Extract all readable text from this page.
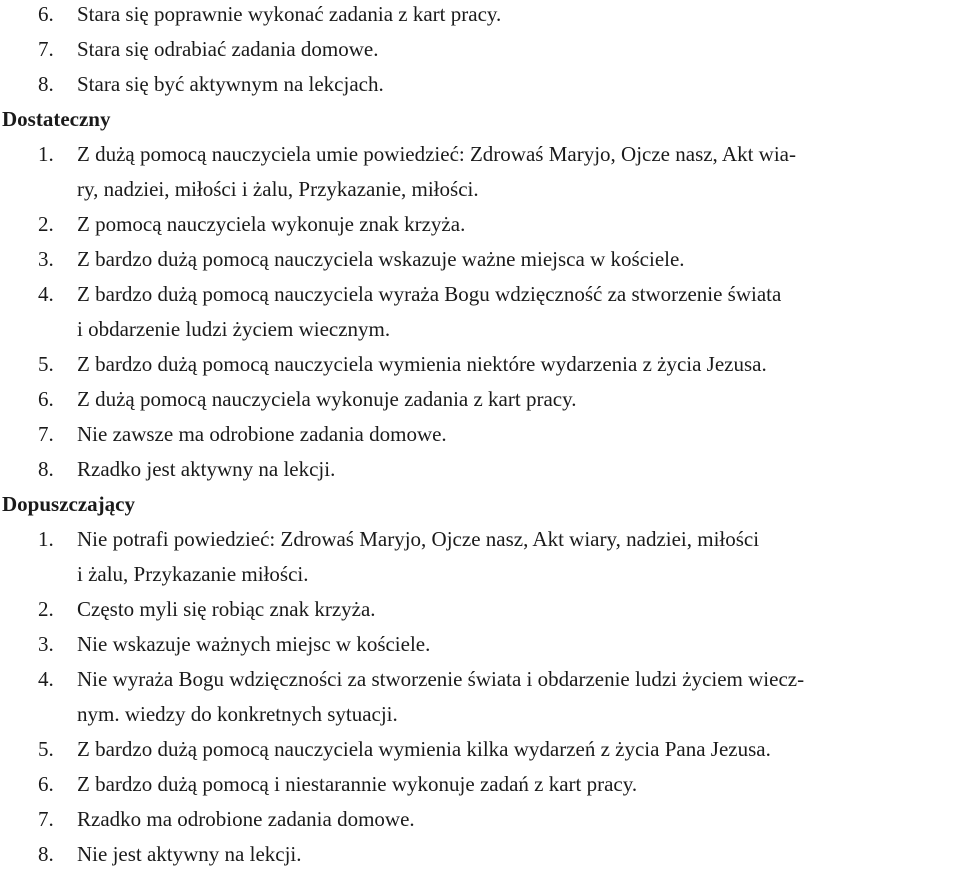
6. Stara się poprawnie wykonać zadania z kart pracy.
7. Stara się odrabiać zadania domowe.
8. Stara się być aktywnym na lekcjach.
Dostateczny
1. Z dużą pomocą nauczyciela umie powiedzieć: Zdrowaś Maryjo, Ojcze nasz, Akt wia-
ry, nadziei, miłości i żalu, Przykazanie, miłości.
2. Z pomocą nauczyciela wykonuje znak krzyża.
3. Z bardzo dużą pomocą nauczyciela wskazuje ważne miejsca w kościele.
4. Z bardzo dużą pomocą nauczyciela wyraża Bogu wdzięczność za stworzenie świata
i obdarzenie ludzi życiem wiecznym.
5. Z bardzo dużą pomocą nauczyciela wymienia niektóre wydarzenia z życia Jezusa.
6. Z dużą pomocą nauczyciela wykonuje zadania z kart pracy.
7. Nie zawsze ma odrobione zadania domowe.
8. Rzadko jest aktywny na lekcji.
Dopuszczający
1. Nie potrafi powiedzieć: Zdrowaś Maryjo, Ojcze nasz, Akt wiary, nadziei, miłości
i żalu, Przykazanie miłości.
2. Często myli się robiąc znak krzyża.
3. Nie wskazuje ważnych miejsc w kościele.
4. Nie wyraża Bogu wdzięczności za stworzenie świata i obdarzenie ludzi życiem wiecz-
nym. wiedzy do konkretnych sytuacji.
5. Z bardzo dużą pomocą nauczyciela wymienia kilka wydarzeń z życia Pana Jezusa.
6. Z bardzo dużą pomocą i niestarannie wykonuje zadań z kart pracy.
7. Rzadko ma odrobione zadania domowe.
8. Nie jest aktywny na lekcji.
